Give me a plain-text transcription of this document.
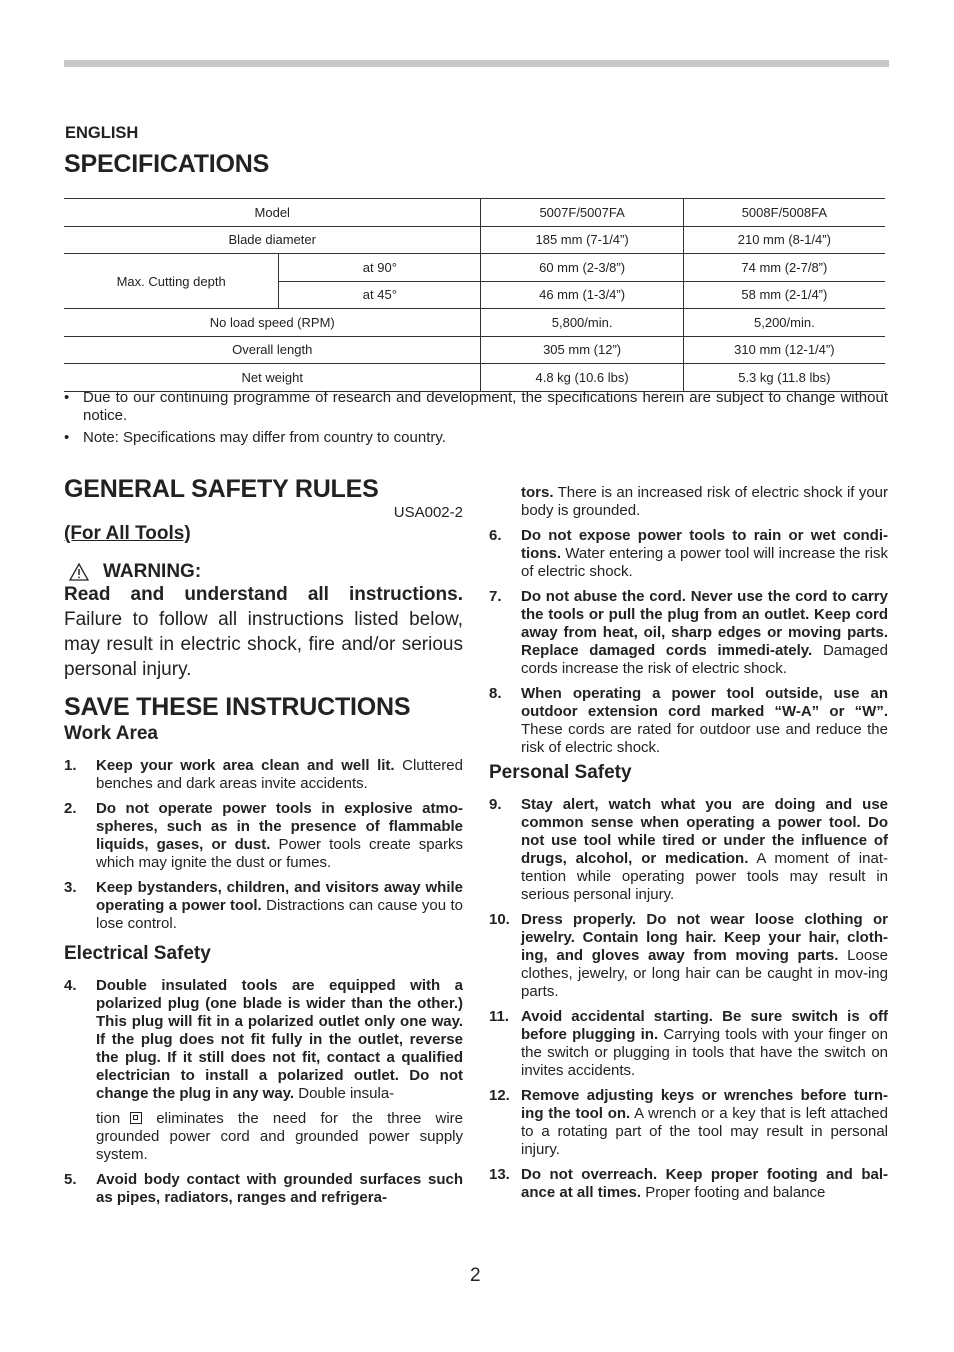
ENGLISH
SPECIFICATIONS
Model		5007F/5007FA	5008F/5008FA
Blade diameter		185 mm (7-1/4”)	210 mm (8-1/4”)
Max. Cutting depth	at 90°	60 mm (2-3/8”)	74 mm (2-7/8”)
	at 45°	46 mm (1-3/4”)	58 mm (2-1/4”)
No load speed (RPM)		5,800/min.	5,200/min.
Overall length		305 mm (12”)	310 mm (12-1/4”)
Net weight		4.8 kg (10.6 lbs)	5.3 kg (11.8 lbs)
• Due to our continuing programme of research and development, the specifications herein are subject to change without notice.
• Note: Specifications may differ from country to country.
GENERAL SAFETY RULES
USA002-2
(For All Tools)
WARNING:
Read and understand all instructions. Failure to follow all instructions listed below, may result in electric shock, fire and/or serious personal injury.
SAVE THESE INSTRUCTIONS
Work Area
1. Keep your work area clean and well lit. Cluttered benches and dark areas invite accidents.
2. Do not operate power tools in explosive atmo-spheres, such as in the presence of flammable liquids, gases, or dust. Power tools create sparks which may ignite the dust or fumes.
3. Keep bystanders, children, and visitors away while operating a power tool. Distractions can cause you to lose control.
Electrical Safety
4. Double insulated tools are equipped with a polarized plug (one blade is wider than the other.) This plug will fit in a polarized outlet only one way. If the plug does not fit fully in the outlet, reverse the plug. If it still does not fit, contact a qualified electrician to install a polarized outlet. Do not change the plug in any way. Double insula-
tion eliminates the need for the three wire grounded power cord and grounded power supply system.
5. Avoid body contact with grounded surfaces such as pipes, radiators, ranges and refrigera-
tors. There is an increased risk of electric shock if your body is grounded.
6. Do not expose power tools to rain or wet condi-tions. Water entering a power tool will increase the risk of electric shock.
7. Do not abuse the cord. Never use the cord to carry the tools or pull the plug from an outlet. Keep cord away from heat, oil, sharp edges or moving parts. Replace damaged cords immedi-ately. Damaged cords increase the risk of electric shock.
8. When operating a power tool outside, use an outdoor extension cord marked “W-A” or “W”. These cords are rated for outdoor use and reduce the risk of electric shock.
Personal Safety
9. Stay alert, watch what you are doing and use common sense when operating a power tool. Do not use tool while tired or under the influence of drugs, alcohol, or medication. A moment of inat-tention while operating power tools may result in serious personal injury.
10. Dress properly. Do not wear loose clothing or jewelry. Contain long hair. Keep your hair, cloth-ing, and gloves away from moving parts. Loose clothes, jewelry, or long hair can be caught in mov-ing parts.
11. Avoid accidental starting. Be sure switch is off before plugging in. Carrying tools with your finger on the switch or plugging in tools that have the switch on invites accidents.
12. Remove adjusting keys or wrenches before turn-ing the tool on. A wrench or a key that is left attached to a rotating part of the tool may result in personal injury.
13. Do not overreach. Keep proper footing and bal-ance at all times. Proper footing and balance
2
